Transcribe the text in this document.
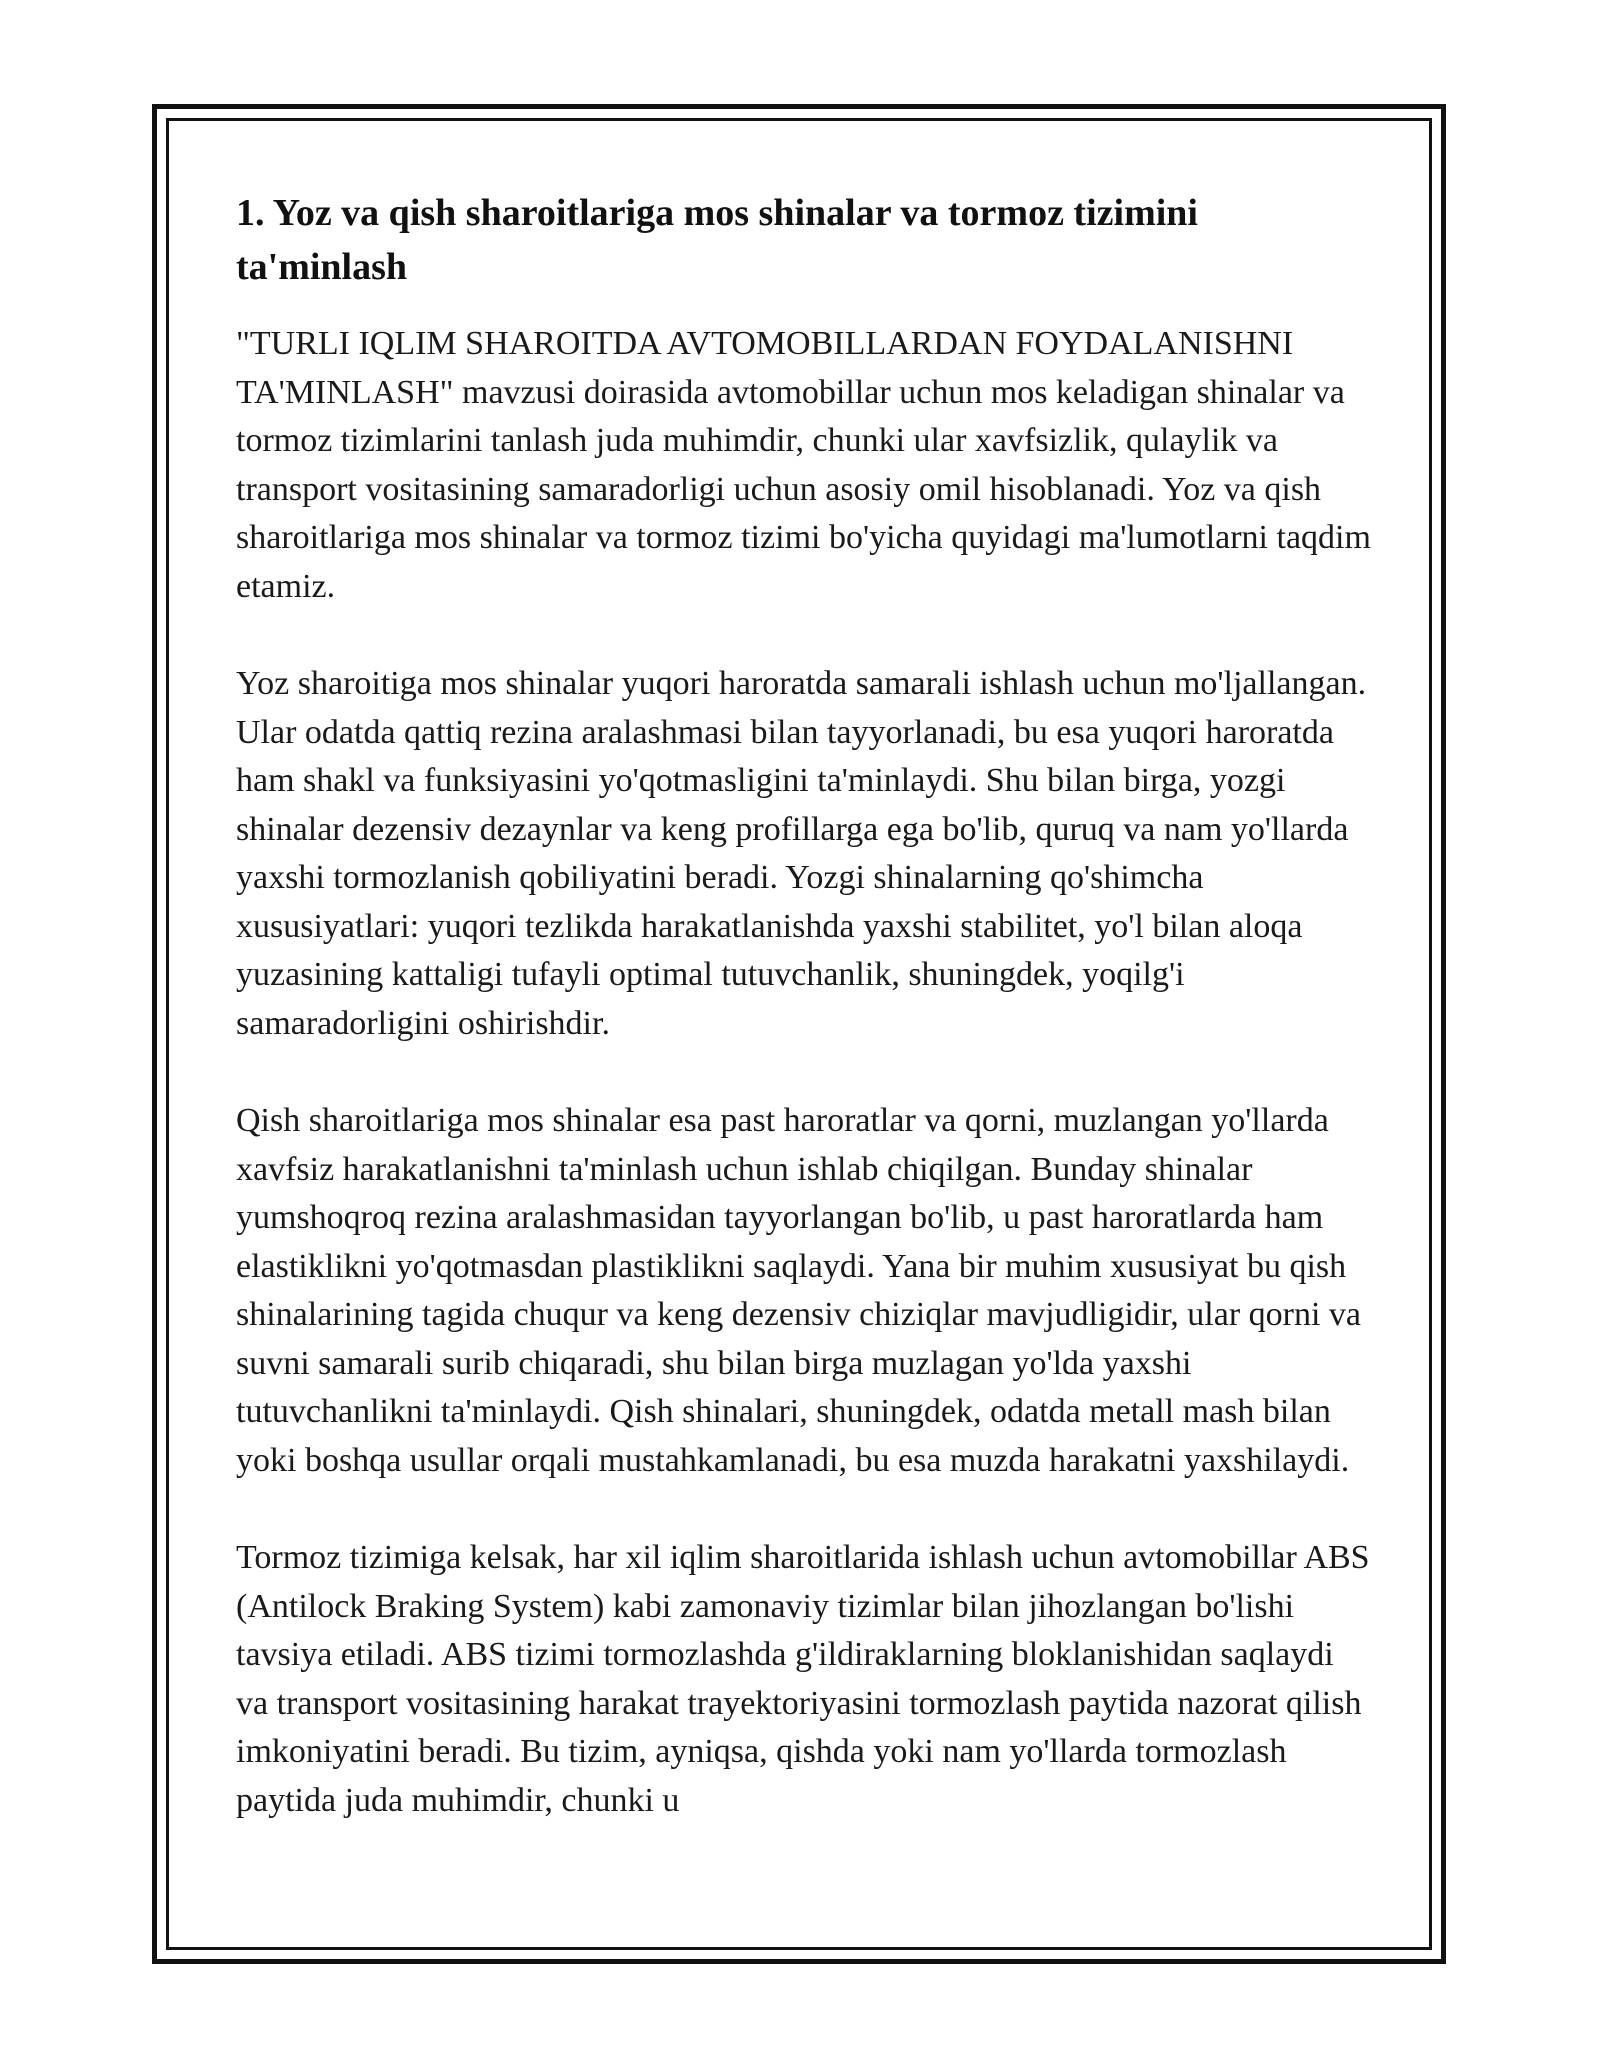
1. Yoz va qish sharoitlariga mos shinalar va tormoz tizimini ta'minlash

"TURLI IQLIM SHAROITDA AVTOMOBILLARDAN FOYDALANISHNI TA'MINLASH" mavzusi doirasida avtomobillar uchun mos keladigan shinalar va tormoz tizimlarini tanlash juda muhimdir, chunki ular xavfsizlik, qulaylik va transport vositasining samaradorligi uchun asosiy omil hisoblanadi. Yoz va qish sharoitlariga mos shinalar va tormoz tizimi bo'yicha quyidagi ma'lumotlarni taqdim etamiz.

Yoz sharoitiga mos shinalar yuqori haroratda samarali ishlash uchun mo'ljallangan. Ular odatda qattiq rezina aralashmasi bilan tayyorlanadi, bu esa yuqori haroratda ham shakl va funksiyasini yo'qotmasligini ta'minlaydi. Shu bilan birga, yozgi shinalar dezensiv dezaynlar va keng profillarga ega bo'lib, quruq va nam yo'llarda yaxshi tormozlanish qobiliyatini beradi. Yozgi shinalarning qo'shimcha xususiyatlari: yuqori tezlikda harakatlanishda yaxshi stabilitet, yo'l bilan aloqa yuzasining kattaligi tufayli optimal tutuvchanlik, shuningdek, yoqilg'i samaradorligini oshirishdir.

Qish sharoitlariga mos shinalar esa past haroratlar va qorni, muzlangan yo'llarda xavfsiz harakatlanishni ta'minlash uchun ishlab chiqilgan. Bunday shinalar yumshoqroq rezina aralashmasidan tayyorlangan bo'lib, u past haroratlarda ham elastiklikni yo'qotmasdan plastiklikni saqlaydi. Yana bir muhim xususiyat bu qish shinalarining tagida chuqur va keng dezensiv chiziqlar mavjudligidir, ular qorni va suvni samarali surib chiqaradi, shu bilan birga muzlagan yo'lda yaxshi tutuvchanlikni ta'minlaydi. Qish shinalari, shuningdek, odatda metall mash bilan yoki boshqa usullar orqali mustahkamlanadi, bu esa muzda harakatni yaxshilaydi.

Tormoz tizimiga kelsak, har xil iqlim sharoitlarida ishlash uchun avtomobillar ABS (Antilock Braking System) kabi zamonaviy tizimlar bilan jihozlangan bo'lishi tavsiya etiladi. ABS tizimi tormozlashda g'ildiraklarning bloklanishidan saqlaydi va transport vositasining harakat trayektoriyasini tormozlash paytida nazorat qilish imkoniyatini beradi. Bu tizim, ayniqsa, qishda yoki nam yo'llarda tormozlash paytida juda muhimdir, chunki u
